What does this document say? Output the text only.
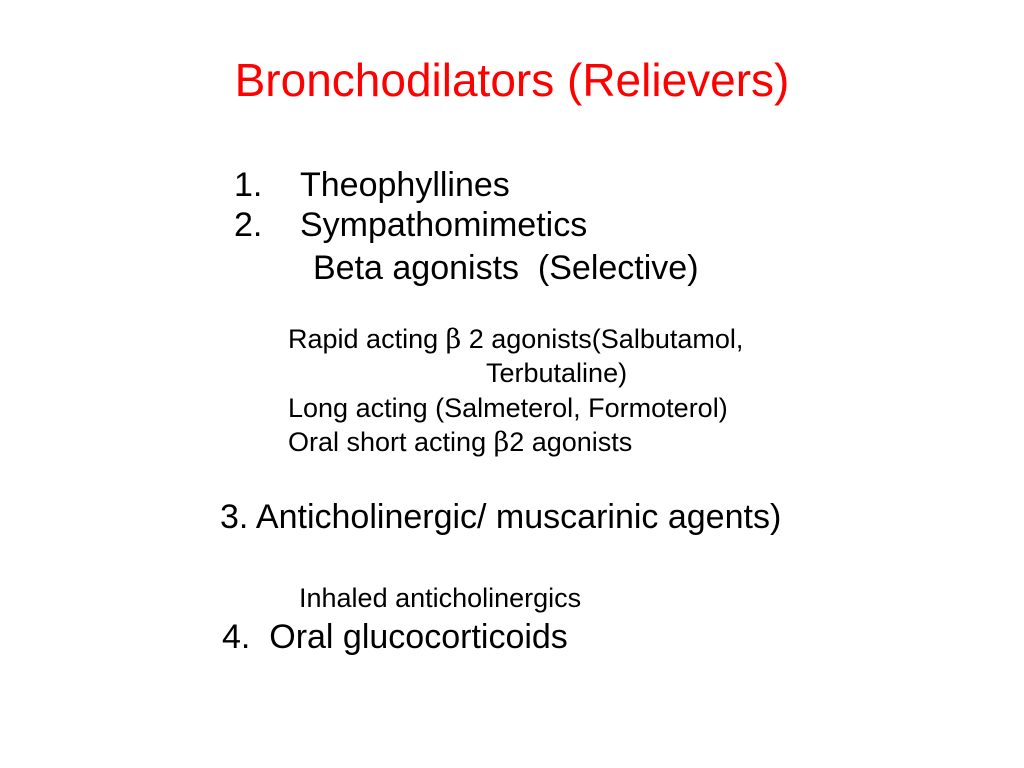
Bronchodilators (Relievers)
1. Theophyllines
2. Sympathomimetics
Beta agonists  (Selective)
Rapid acting β 2 agonists(Salbutamol,
Terbutaline)
Long acting (Salmeterol, Formoterol)
Oral short acting β2 agonists
3. Anticholinergic/ muscarinic agents)
Inhaled anticholinergics
4.  Oral glucocorticoids
